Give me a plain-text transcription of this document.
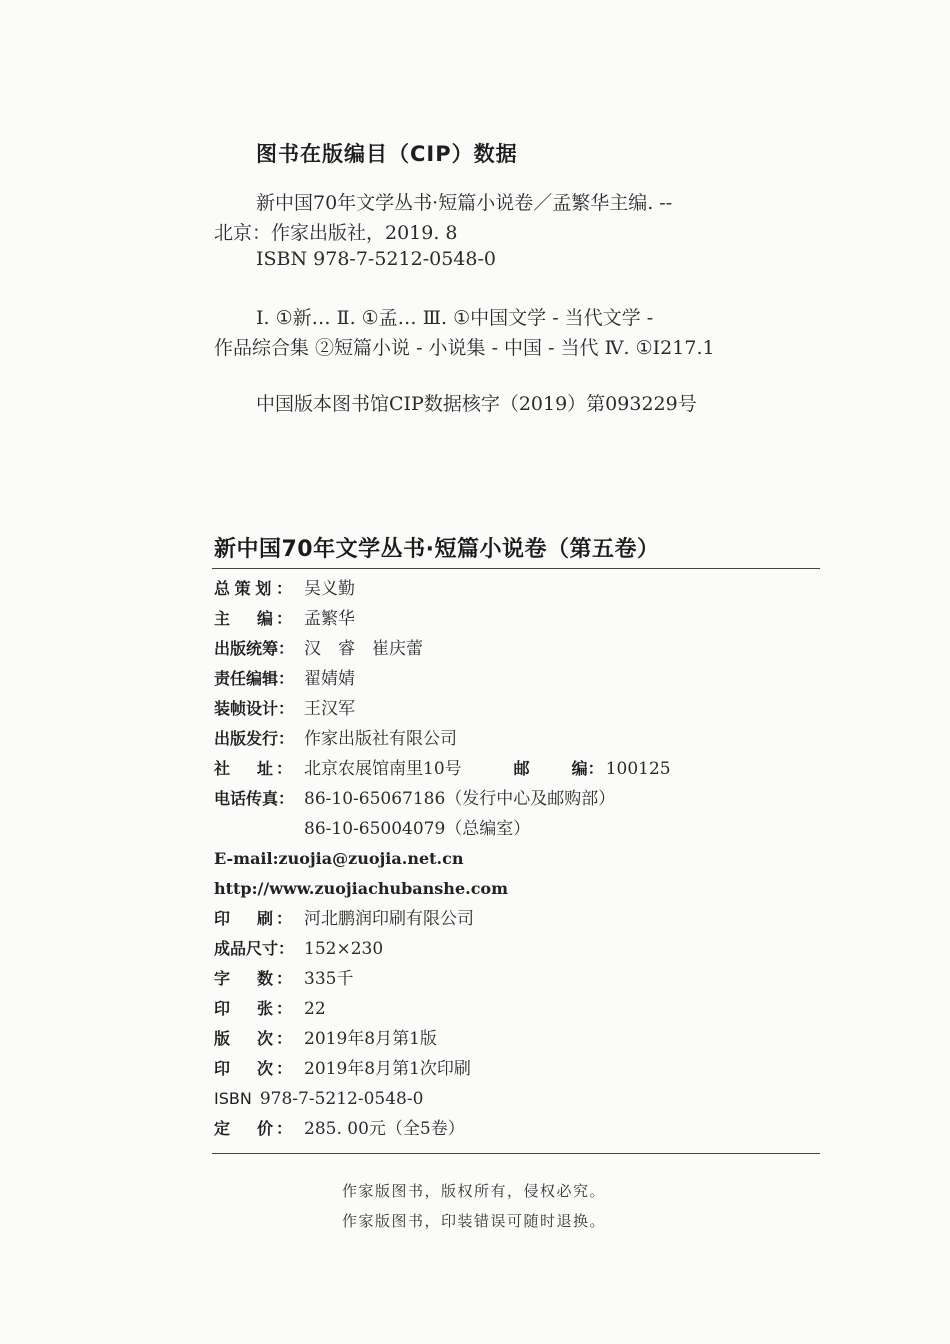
图书在版编目（CIP）数据
新中国70年文学丛书·短篇小说卷／孟繁华主编. --
北京：作家出版社，2019. 8
ISBN 978-7-5212-0548-0
Ⅰ. ①新… Ⅱ. ①孟… Ⅲ. ①中国文学 - 当代文学 -
作品综合集 ②短篇小说 - 小说集 - 中国 - 当代 Ⅳ. ①I217.1
中国版本图书馆CIP数据核字（2019）第093229号
新中国70年文学丛书·短篇小说卷（第五卷）
总 策 划 ： 吴义勤
主 编 ： 孟繁华
出版统筹： 汉　睿　崔庆蕾
责任编辑： 翟婧婧
装帧设计： 王汉军
出版发行： 作家出版社有限公司
社 址 ： 北京农展馆南里10号	邮	编： 100125
电话传真： 86-10-65067186（发行中心及邮购部）
86-10-65004079（总编室）
E-mail:zuojia@zuojia.net.cn
http://www.zuojiachubanshe.com
印 刷 ： 河北鹏润印刷有限公司
成品尺寸： 152×230
字 数 ： 335千
印 张 ： 22
版 次 ： 2019年8月第1版
印 次 ： 2019年8月第1次印刷
ISBN 978-7-5212-0548-0
定 价 ： 285. 00元（全5卷）
作家版图书，版权所有，侵权必究。
作家版图书，印装错误可随时退换。
